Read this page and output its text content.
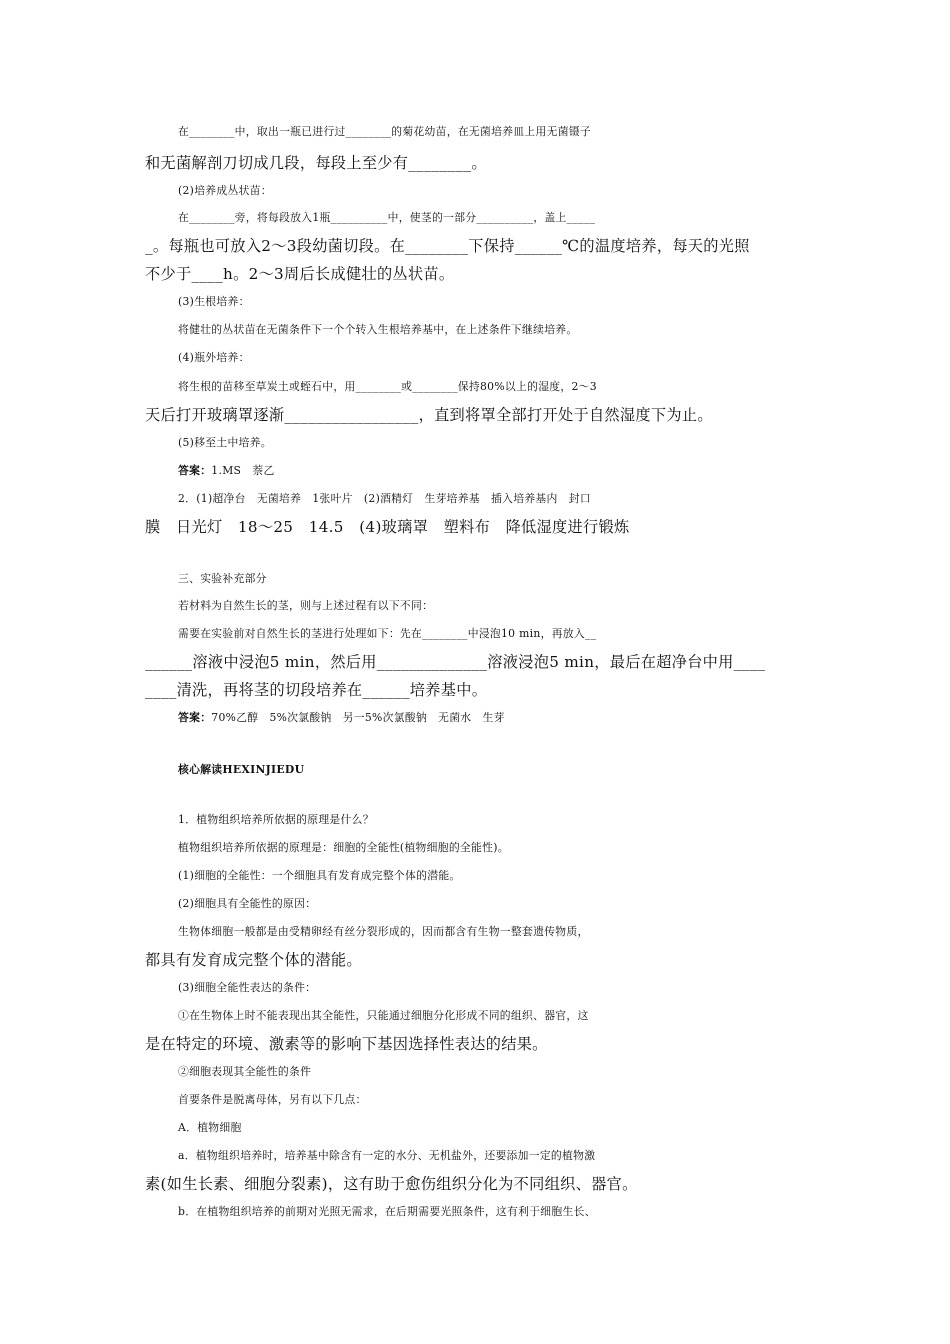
在________中，取出一瓶已进行过________的菊花幼苗，在无菌培养皿上用无菌镊子
和无菌解剖刀切成几段，每段上至少有________。
(2)培养成丛状苗：
在________旁，将每段放入1瓶__________中，使茎的一部分__________，盖上_____
_。每瓶也可放入2～3段幼菌切段。在________下保持______℃的温度培养，每天的光照
不少于____h。2～3周后长成健壮的丛状苗。
(3)生根培养：
将健壮的丛状苗在无菌条件下一个个转入生根培养基中，在上述条件下继续培养。
(4)瓶外培养：
将生根的苗移至草炭土或蛭石中，用________或________保持80%以上的湿度，2～3
天后打开玻璃罩逐渐_________________，直到将罩全部打开处于自然湿度下为止。
(5)移至土中培养。
答案：1.MS　萘乙
2．(1)超净台　无菌培养　1张叶片　(2)酒精灯　生芽培养基　插入培养基内　封口
膜　日光灯　18～25　14.5　(4)玻璃罩　塑料布　降低湿度进行锻炼
三、实验补充部分
若材料为自然生长的茎，则与上述过程有以下不同：
需要在实验前对自然生长的茎进行处理如下：先在________中浸泡10 min，再放入__
______溶液中浸泡5 min，然后用______________溶液浸泡5 min，最后在超净台中用____
____清洗，再将茎的切段培养在______培养基中。
答案：70%乙醇　5%次氯酸钠　另一5%次氯酸钠　无菌水　生芽
核心解读HEXINJIEDU
1．植物组织培养所依据的原理是什么？
植物组织培养所依据的原理是：细胞的全能性(植物细胞的全能性)。
(1)细胞的全能性：一个细胞具有发育成完整个体的潜能。
(2)细胞具有全能性的原因：
生物体细胞一般都是由受精卵经有丝分裂形成的，因而都含有生物一整套遗传物质，
都具有发育成完整个体的潜能。
(3)细胞全能性表达的条件：
①在生物体上时不能表现出其全能性，只能通过细胞分化形成不同的组织、器官，这
是在特定的环境、激素等的影响下基因选择性表达的结果。
②细胞表现其全能性的条件
首要条件是脱离母体，另有以下几点：
A．植物细胞
a．植物组织培养时，培养基中除含有一定的水分、无机盐外，还要添加一定的植物激
素(如生长素、细胞分裂素)，这有助于愈伤组织分化为不同组织、器官。
b．在植物组织培养的前期对光照无需求，在后期需要光照条件，这有利于细胞生长、
